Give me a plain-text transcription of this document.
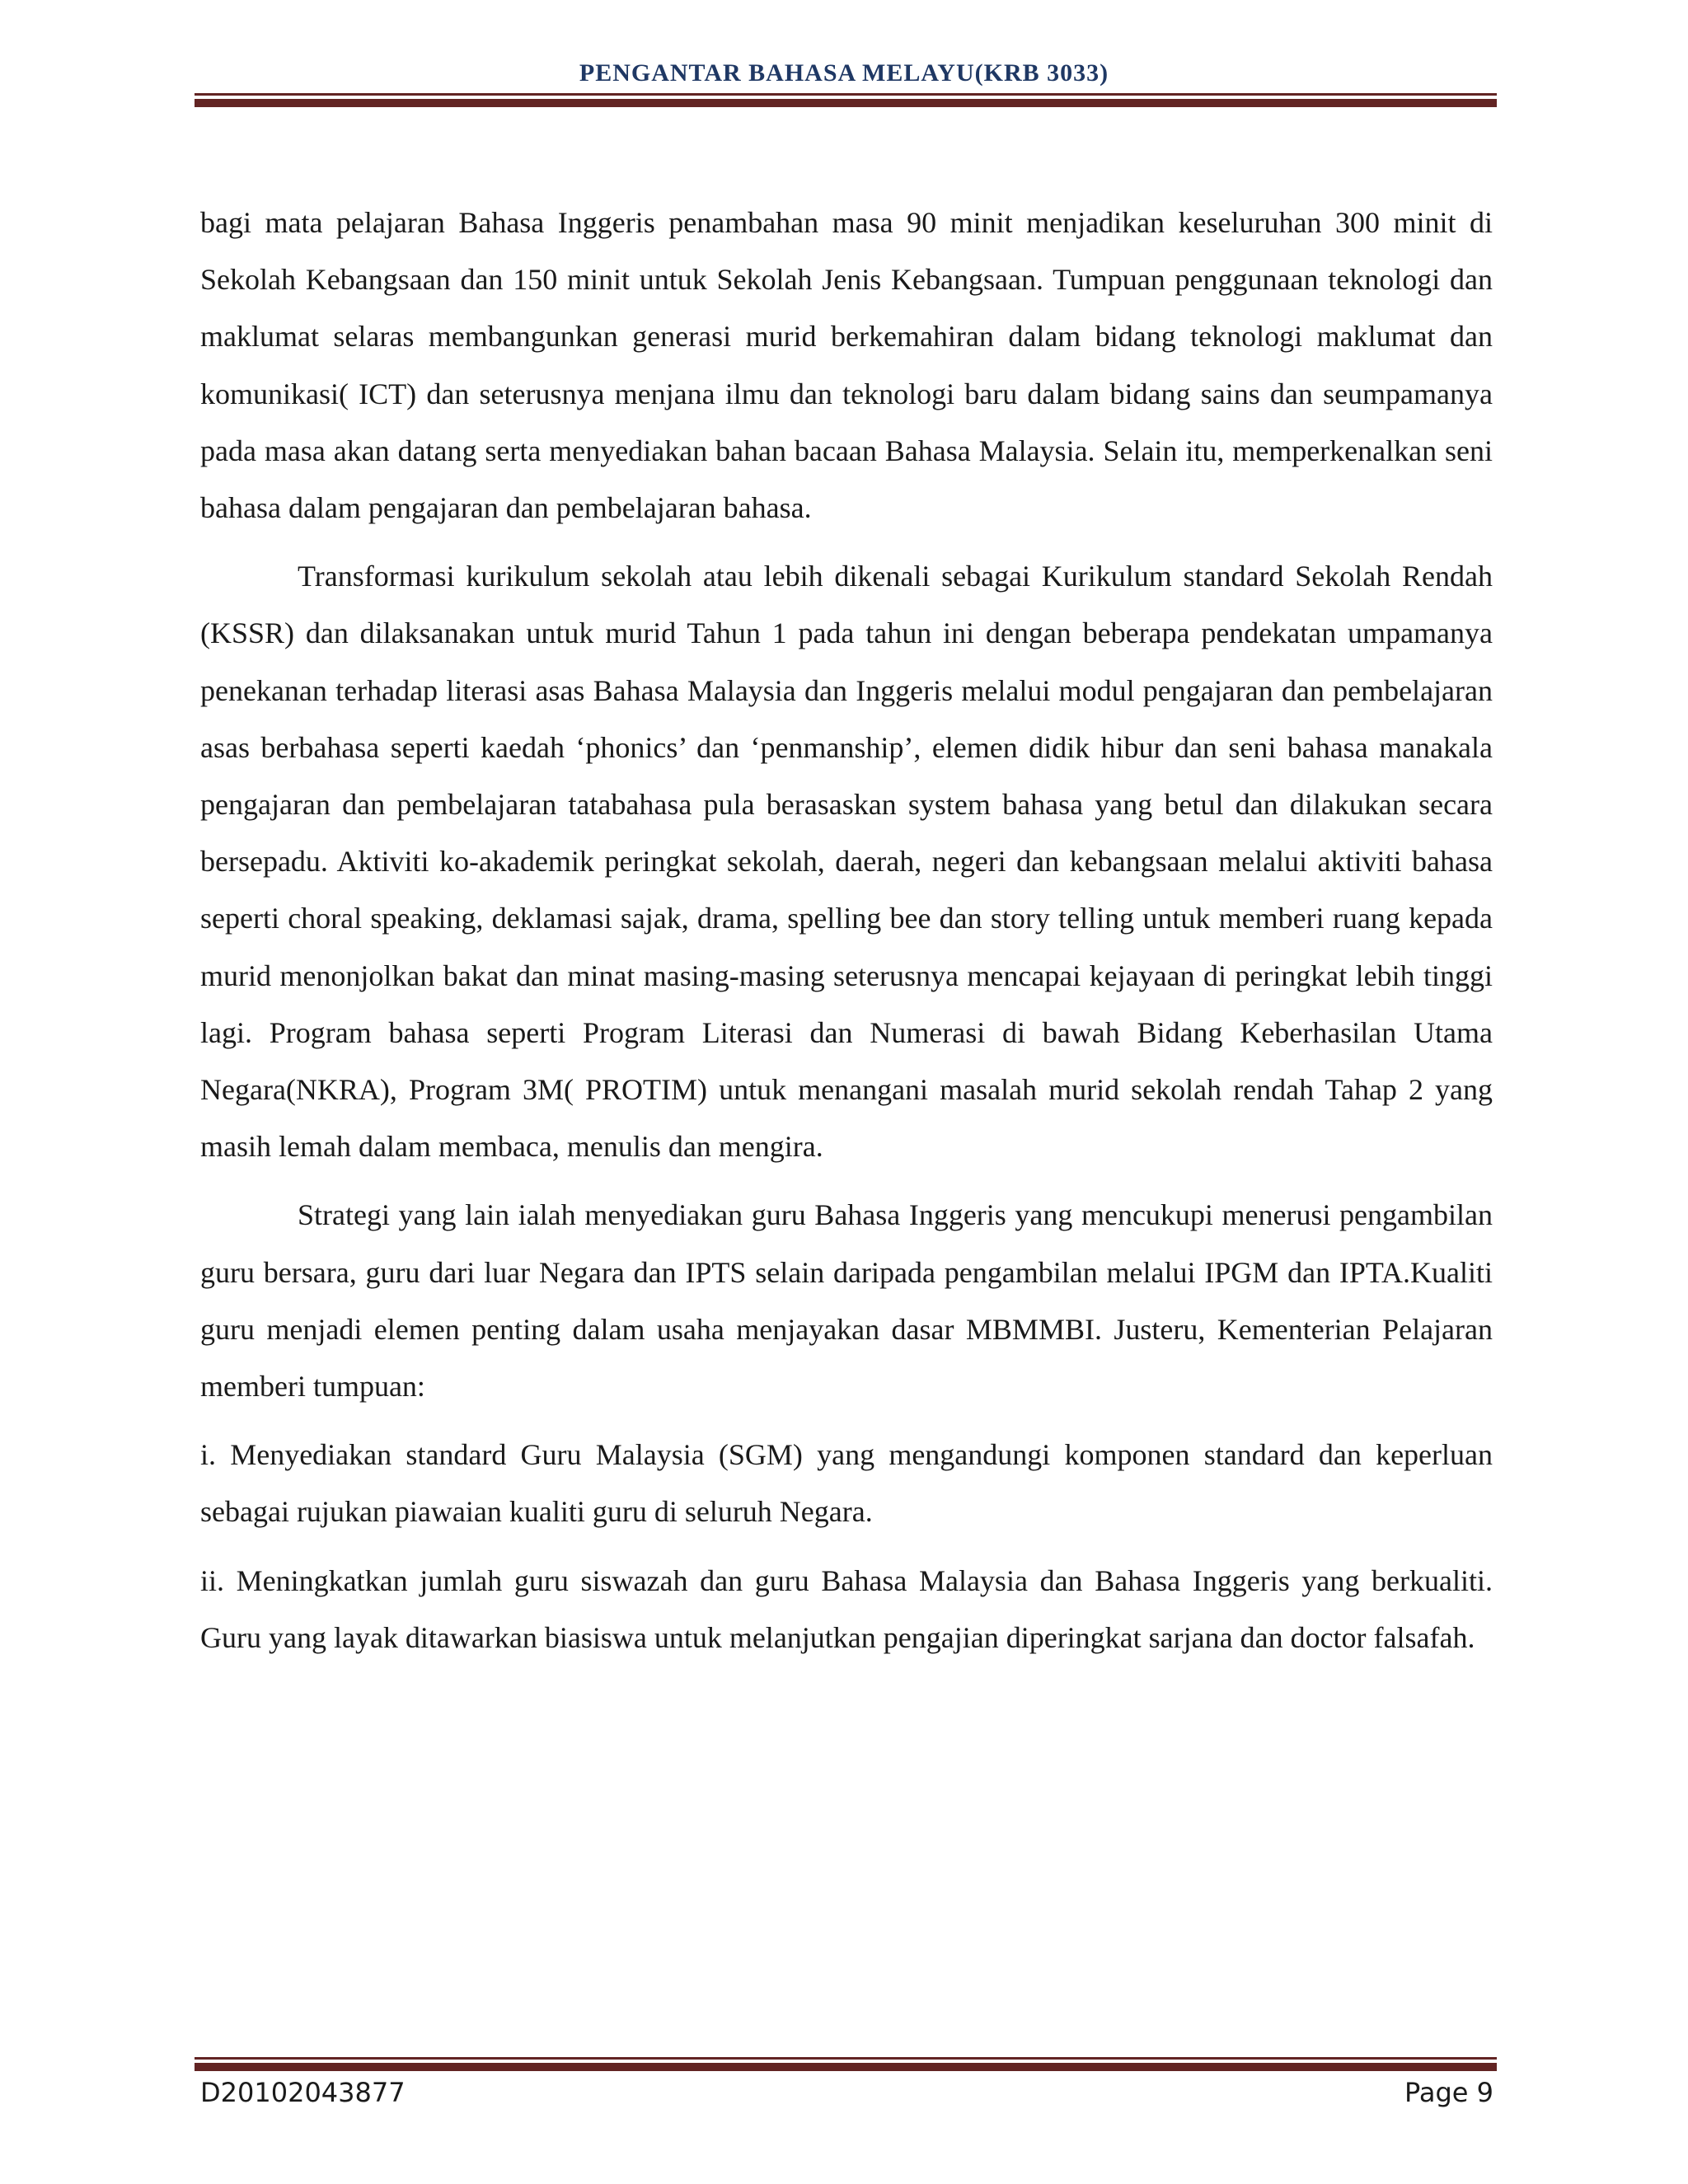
PENGANTAR BAHASA MELAYU(KRB 3033)

bagi mata pelajaran Bahasa Inggeris penambahan masa 90 minit menjadikan keseluruhan 300 minit di Sekolah Kebangsaan dan 150 minit untuk Sekolah Jenis Kebangsaan. Tumpuan penggunaan teknologi dan maklumat selaras membangunkan generasi murid berkemahiran dalam bidang teknologi maklumat dan komunikasi( ICT) dan seterusnya menjana ilmu dan teknologi baru dalam bidang sains dan seumpamanya pada masa akan datang serta menyediakan bahan bacaan Bahasa Malaysia. Selain itu, memperkenalkan seni bahasa dalam pengajaran dan pembelajaran bahasa.

Transformasi kurikulum sekolah atau lebih dikenali sebagai Kurikulum standard Sekolah Rendah (KSSR) dan dilaksanakan untuk murid Tahun 1 pada tahun ini dengan beberapa pendekatan umpamanya penekanan terhadap literasi asas Bahasa Malaysia dan Inggeris melalui modul pengajaran dan pembelajaran asas berbahasa seperti kaedah ‘phonics’ dan ‘penmanship’, elemen didik hibur dan seni bahasa manakala pengajaran dan pembelajaran tatabahasa pula berasaskan system bahasa yang betul dan dilakukan secara bersepadu. Aktiviti ko-akademik peringkat sekolah, daerah, negeri dan kebangsaan melalui aktiviti bahasa seperti choral speaking, deklamasi sajak, drama, spelling bee dan story telling untuk memberi ruang kepada murid menonjolkan bakat dan minat masing-masing seterusnya mencapai kejayaan di peringkat lebih tinggi lagi. Program bahasa seperti Program Literasi dan Numerasi di bawah Bidang Keberhasilan Utama Negara(NKRA), Program 3M( PROTIM) untuk menangani masalah murid sekolah rendah Tahap 2 yang masih lemah dalam membaca, menulis dan mengira.

Strategi yang lain ialah menyediakan guru Bahasa Inggeris yang mencukupi menerusi pengambilan guru bersara, guru dari luar Negara dan IPTS selain daripada pengambilan melalui IPGM dan IPTA.Kualiti guru menjadi elemen penting dalam usaha menjayakan dasar MBMMBI. Justeru, Kementerian Pelajaran memberi tumpuan:

i. Menyediakan standard Guru Malaysia (SGM) yang mengandungi komponen standard dan keperluan sebagai rujukan piawaian kualiti guru di seluruh Negara.

ii. Meningkatkan jumlah guru siswazah dan guru Bahasa Malaysia dan Bahasa Inggeris yang berkualiti. Guru yang layak ditawarkan biasiswa untuk melanjutkan pengajian diperingkat sarjana dan doctor falsafah.

D20102043877	Page 9
